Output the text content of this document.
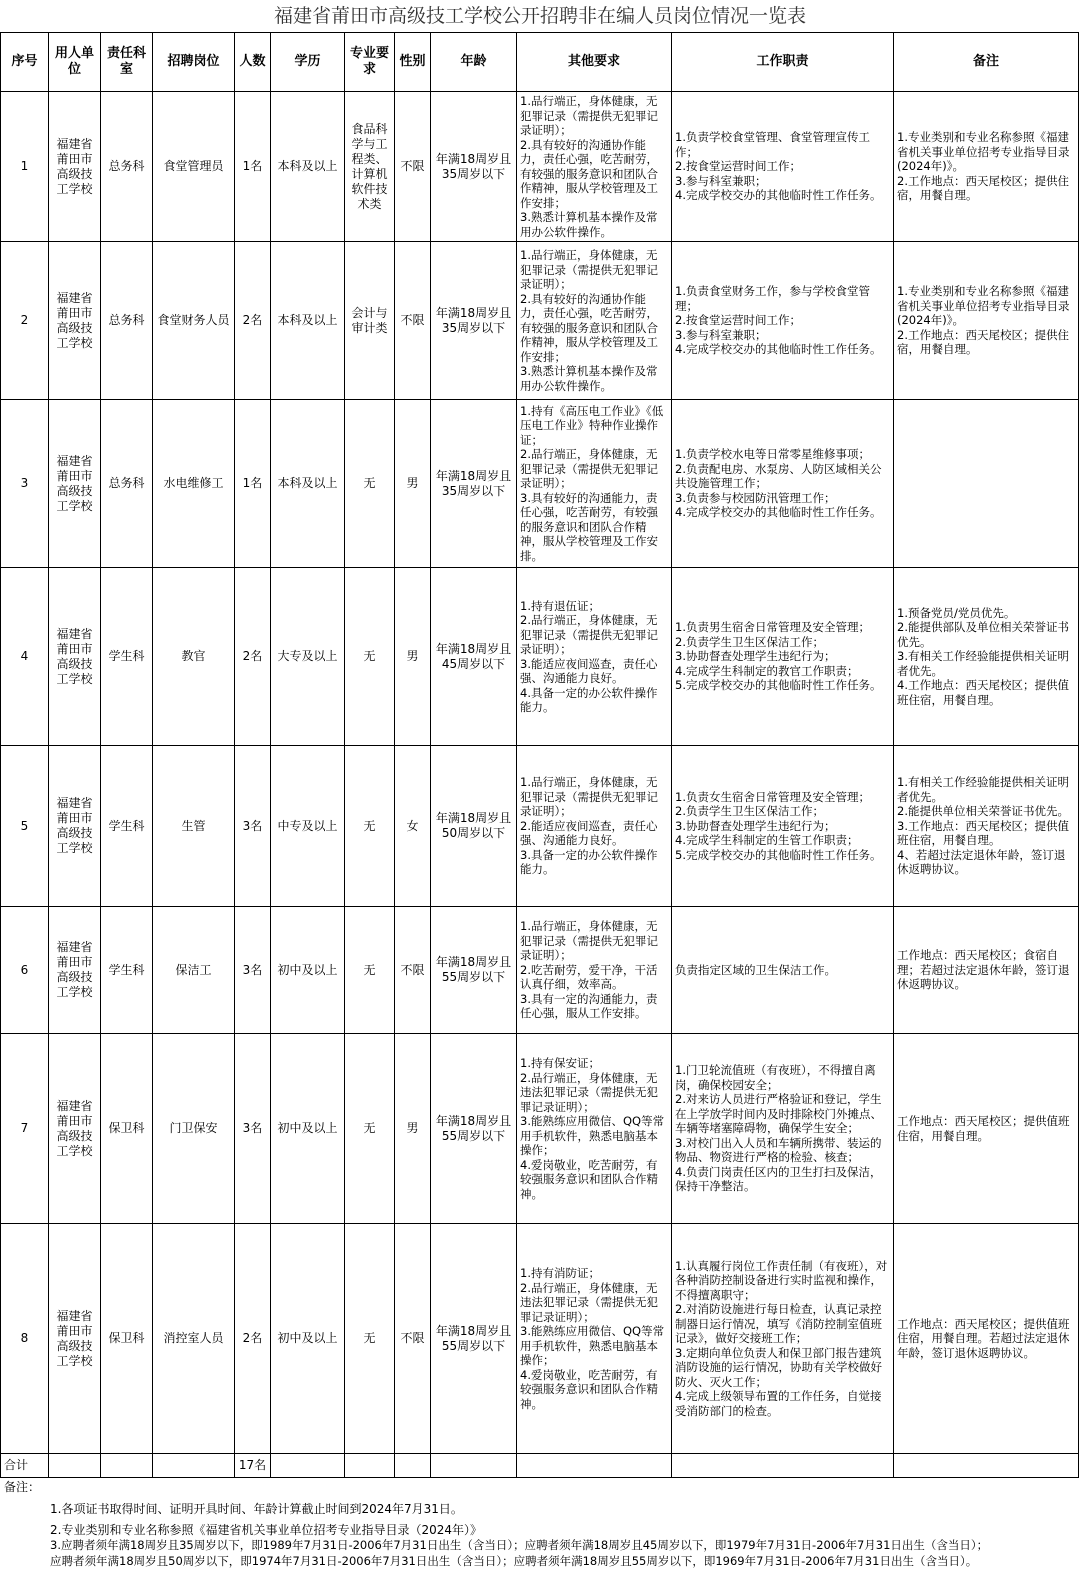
福建省莆田市高级技工学校公开招聘非在编人员岗位情况一览表
序号	用人单位	责任科室	招聘岗位	人数	学历	专业要求	性别	年龄	其他要求	工作职责	备注
1	福建省莆田市高级技工学校	总务科	食堂管理员	1名	本科及以上	食品科学与工程类、计算机软件技术类	不限	年满18周岁且35周岁以下	1.品行端正，身体健康，无犯罪记录（需提供无犯罪记录证明）；
2.具有较好的沟通协作能力，责任心强，吃苦耐劳，有较强的服务意识和团队合作精神，服从学校管理及工作安排；
3.熟悉计算机基本操作及常用办公软件操作。	1.负责学校食堂管理、食堂管理宣传工作；
2.按食堂运营时间工作；
3.参与科室兼职；
4.完成学校交办的其他临时性工作任务。	1.专业类别和专业名称参照《福建省机关事业单位招考专业指导目录(2024年)》。
2.工作地点：西天尾校区；提供住宿，用餐自理。
2	福建省莆田市高级技工学校	总务科	食堂财务人员	2名	本科及以上	会计与审计类	不限	年满18周岁且35周岁以下	1.品行端正，身体健康，无犯罪记录（需提供无犯罪记录证明）；
2.具有较好的沟通协作能力，责任心强，吃苦耐劳，有较强的服务意识和团队合作精神，服从学校管理及工作安排；
3.熟悉计算机基本操作及常用办公软件操作。	1.负责食堂财务工作，参与学校食堂管理；
2.按食堂运营时间工作；
3.参与科室兼职；
4.完成学校交办的其他临时性工作任务。	1.专业类别和专业名称参照《福建省机关事业单位招考专业指导目录(2024年)》。
2.工作地点：西天尾校区；提供住宿，用餐自理。
3	福建省莆田市高级技工学校	总务科	水电维修工	1名	本科及以上	无	男	年满18周岁且35周岁以下	1.持有《高压电工作业》《低压电工作业》特种作业操作证；
2.品行端正，身体健康，无犯罪记录（需提供无犯罪记录证明）；
3.具有较好的沟通能力，责任心强，吃苦耐劳，有较强的服务意识和团队合作精神，服从学校管理及工作安排。	1.负责学校水电等日常零星维修事项；
2.负责配电房、水泵房、人防区域相关公共设施管理工作；
3.负责参与校园防汛管理工作；
4.完成学校交办的其他临时性工作任务。	
4	福建省莆田市高级技工学校	学生科	教官	2名	大专及以上	无	男	年满18周岁且45周岁以下	1.持有退伍证；
2.品行端正，身体健康，无犯罪记录（需提供无犯罪记录证明）；
3.能适应夜间巡查，责任心强、沟通能力良好。
4.具备一定的办公软件操作能力。	1.负责男生宿舍日常管理及安全管理；
2.负责学生卫生区保洁工作；
3.协助督查处理学生违纪行为；
4.完成学生科制定的教官工作职责；
5.完成学校交办的其他临时性工作任务。	1.预备党员/党员优先。
2.能提供部队及单位相关荣誉证书优先。
3.有相关工作经验能提供相关证明者优先。
4.工作地点：西天尾校区；提供值班住宿，用餐自理。
5	福建省莆田市高级技工学校	学生科	生管	3名	中专及以上	无	女	年满18周岁且50周岁以下	1.品行端正，身体健康，无犯罪记录（需提供无犯罪记录证明）；
2.能适应夜间巡查，责任心强、沟通能力良好。
3.具备一定的办公软件操作能力。	1.负责女生宿舍日常管理及安全管理；
2.负责学生卫生区保洁工作；
3.协助督查处理学生违纪行为；
4.完成学生科制定的生管工作职责；
5.完成学校交办的其他临时性工作任务。	1.有相关工作经验能提供相关证明者优先。
2.能提供单位相关荣誉证书优先。
3.工作地点：西天尾校区；提供值班住宿，用餐自理。
4、若超过法定退休年龄，签订退休返聘协议。
6	福建省莆田市高级技工学校	学生科	保洁工	3名	初中及以上	无	不限	年满18周岁且55周岁以下	1.品行端正，身体健康，无犯罪记录（需提供无犯罪记录证明）；
2.吃苦耐劳，爱干净，干活认真仔细，效率高。
3.具有一定的沟通能力，责任心强，服从工作安排。	负责指定区域的卫生保洁工作。	工作地点：西天尾校区；食宿自理；若超过法定退休年龄，签订退休返聘协议。
7	福建省莆田市高级技工学校	保卫科	门卫保安	3名	初中及以上	无	男	年满18周岁且55周岁以下	1.持有保安证；
2.品行端正，身体健康，无违法犯罪记录（需提供无犯罪记录证明）；
3.能熟练应用微信、QQ等常用手机软件，熟悉电脑基本操作；
4.爱岗敬业，吃苦耐劳，有较强服务意识和团队合作精神。	1.门卫轮流值班（有夜班），不得擅自离岗，确保校园安全；
2.对来访人员进行严格验证和登记，学生在上学放学时间内及时排除校门外摊点、车辆等堵塞障碍物，确保学生安全；
3.对校门出入人员和车辆所携带、装运的物品、物资进行严格的检验、核查；
4.负责门岗责任区内的卫生打扫及保洁，保持干净整洁。	工作地点：西天尾校区；提供值班住宿，用餐自理。
8	福建省莆田市高级技工学校	保卫科	消控室人员	2名	初中及以上	无	不限	年满18周岁且55周岁以下	1.持有消防证；
2.品行端正，身体健康，无违法犯罪记录（需提供无犯罪记录证明）；
3.能熟练应用微信、QQ等常用手机软件，熟悉电脑基本操作；
4.爱岗敬业，吃苦耐劳，有较强服务意识和团队合作精神。	1.认真履行岗位工作责任制（有夜班），对各种消防控制设备进行实时监视和操作，不得擅离职守；
2.对消防设施进行每日检查，认真记录控制器日运行情况，填写《消防控制室值班记录》，做好交接班工作；
3.定期向单位负责人和保卫部门报告建筑消防设施的运行情况，协助有关学校做好防火、灭火工作；
4.完成上级领导布置的工作任务，自觉接受消防部门的检查。	工作地点：西天尾校区；提供值班住宿，用餐自理。若超过法定退休年龄，签订退休返聘协议。
合计				17名							
备注：
1.各项证书取得时间、证明开具时间、年龄计算截止时间到2024年7月31日。
2.专业类别和专业名称参照《福建省机关事业单位招考专业指导目录（2024年）》
3.应聘者须年满18周岁且35周岁以下，即1989年7月31日-2006年7月31日出生（含当日）；应聘者须年满18周岁且45周岁以下，即1979年7月31日-2006年7月31日出生（含当日）；
应聘者须年满18周岁且50周岁以下，即1974年7月31日-2006年7月31日出生（含当日）；应聘者须年满18周岁且55周岁以下，即1969年7月31日-2006年7月31日出生（含当日）。
